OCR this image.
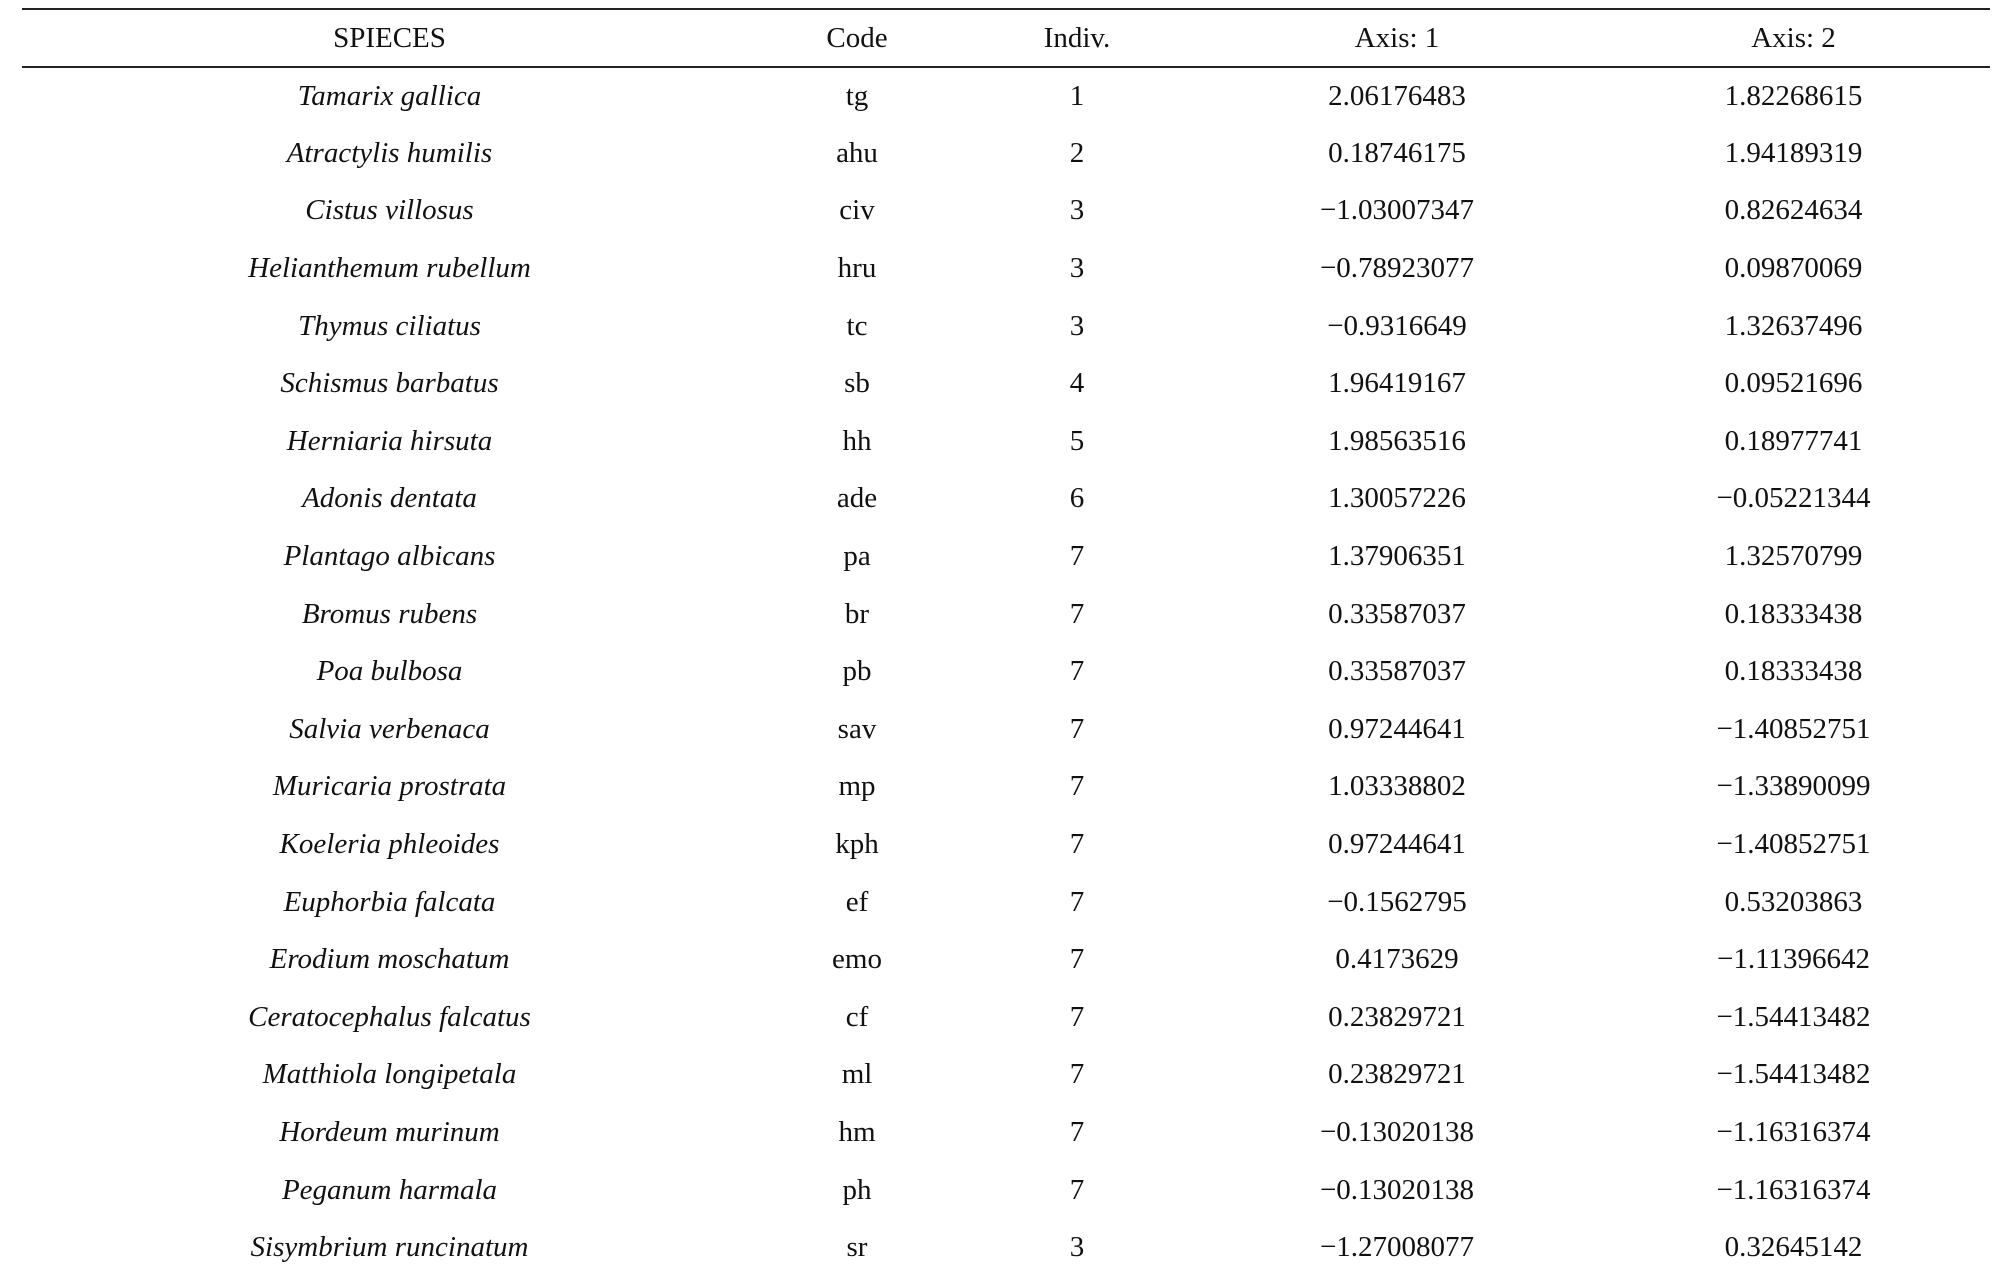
SPIECES	Code	Indiv.	Axis: 1	Axis: 2
Tamarix gallica	tg	1	2.06176483	1.82268615
Atractylis humilis	ahu	2	0.18746175	1.94189319
Cistus villosus	civ	3	−1.03007347	0.82624634
Helianthemum rubellum	hru	3	−0.78923077	0.09870069
Thymus ciliatus	tc	3	−0.9316649	1.32637496
Schismus barbatus	sb	4	1.96419167	0.09521696
Herniaria hirsuta	hh	5	1.98563516	0.18977741
Adonis dentata	ade	6	1.30057226	−0.05221344
Plantago albicans	pa	7	1.37906351	1.32570799
Bromus rubens	br	7	0.33587037	0.18333438
Poa bulbosa	pb	7	0.33587037	0.18333438
Salvia verbenaca	sav	7	0.97244641	−1.40852751
Muricaria prostrata	mp	7	1.03338802	−1.33890099
Koeleria phleoides	kph	7	0.97244641	−1.40852751
Euphorbia falcata	ef	7	−0.1562795	0.53203863
Erodium moschatum	emo	7	0.4173629	−1.11396642
Ceratocephalus falcatus	cf	7	0.23829721	−1.54413482
Matthiola longipetala	ml	7	0.23829721	−1.54413482
Hordeum murinum	hm	7	−0.13020138	−1.16316374
Peganum harmala	ph	7	−0.13020138	−1.16316374
Sisymbrium runcinatum	sr	3	−1.27008077	0.32645142
